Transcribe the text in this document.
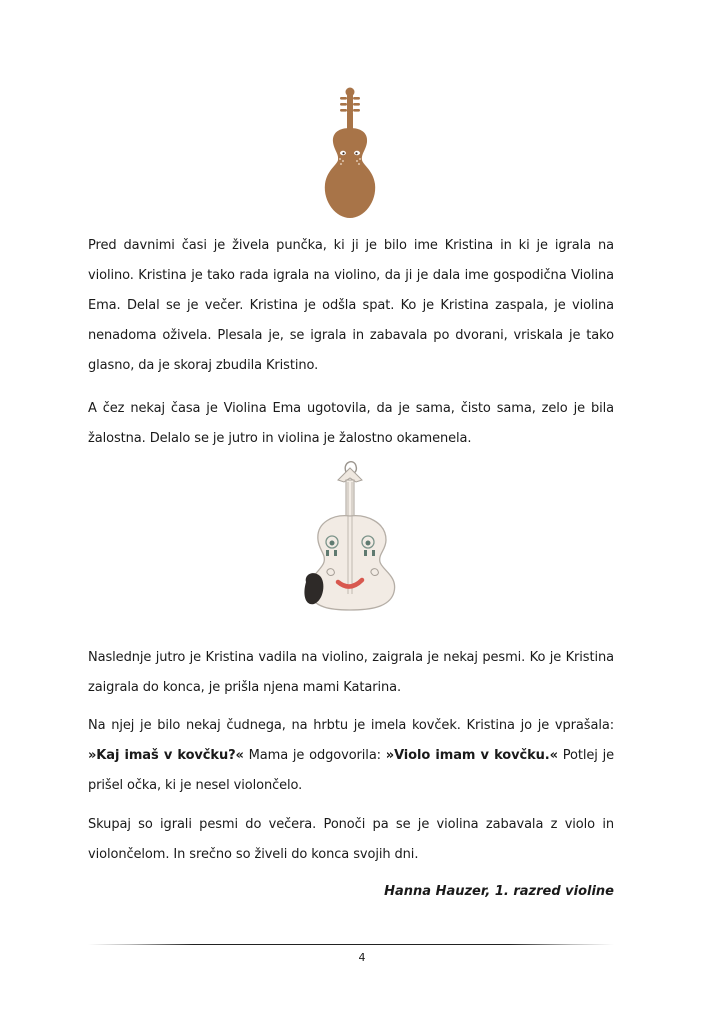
Pred davnimi časi je živela punčka, ki ji je bilo ime Kristina in ki je igrala na violino. Kristina je tako rada igrala na violino, da ji je dala ime gospodična Violina Ema. Delal se je večer. Kristina je odšla spat. Ko je Kristina zaspala, je violina nenadoma oživela. Plesala je, se igrala in zabavala po dvorani, vriskala je tako glasno, da je skoraj zbudila Kristino.

A čez nekaj časa je Violina Ema ugotovila, da je sama, čisto sama, zelo je bila žalostna. Delalo se je jutro in violina je žalostno okamenela.

Naslednje jutro je Kristina vadila na violino, zaigrala je nekaj pesmi. Ko je Kristina zaigrala do konca, je prišla njena mami Katarina.

Na njej je bilo nekaj čudnega, na hrbtu je imela kovček. Kristina jo je vprašala: »Kaj imaš v kovčku?« Mama je odgovorila: »Violo imam v kovčku.« Potlej je prišel očka, ki je nesel violončelo.

Skupaj so igrali pesmi do večera. Ponoči pa se je violina zabavala z violo in violončelom. In srečno so živeli do konca svojih dni.

Hanna Hauzer, 1. razred violine
4
